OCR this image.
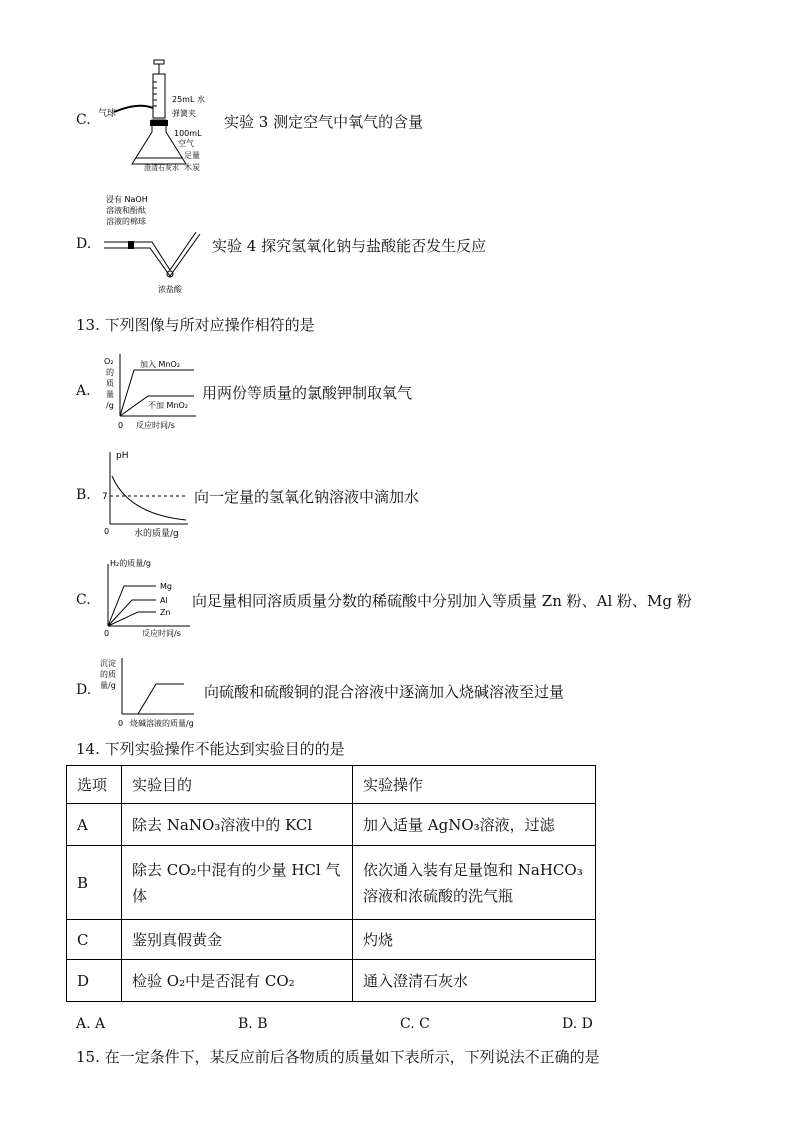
C. 气球
25mL 水
弹簧夹
100mL
空气
足量
木炭
澄清石灰水
实验 3 测定空气中氧气的含量
D.
浸有 NaOH
溶液和酚酞
溶液的棉球
浓盐酸
实验 4 探究氢氧化钠与盐酸能否发生反应
13. 下列图像与所对应操作相符的是
A.
O₂
的
质
量
/g
加入 MnO₂
不加 MnO₂
0 反应时间/s
用两份等质量的氯酸钾制取氧气
B.
pH
7
0	水的质量/g
向一定量的氢氧化钠溶液中滴加水
C.
H₂的质量/g
Mg
Al
Zn
0	反应时间/s
向足量相同溶质质量分数的稀硫酸中分别加入等质量 Zn 粉、Al 粉、Mg 粉
D.
沉淀
的质
量/g
0 烧碱溶液的质量/g
向硫酸和硫酸铜的混合溶液中逐滴加入烧碱溶液至过量
14. 下列实验操作不能达到实验目的的是
选项	实验目的	实验操作
A	除去 NaNO₃溶液中的 KCl	加入适量 AgNO₃溶液，过滤
B	除去 CO₂中混有的少量 HCl 气体	依次通入装有足量饱和 NaHCO₃溶液和浓硫酸的洗气瓶
C	鉴别真假黄金	灼烧
D	检验 O₂中是否混有 CO₂	通入澄清石灰水
A. A	B. B	C. C	D. D
15. 在一定条件下，某反应前后各物质的质量如下表所示，下列说法不正确的是
